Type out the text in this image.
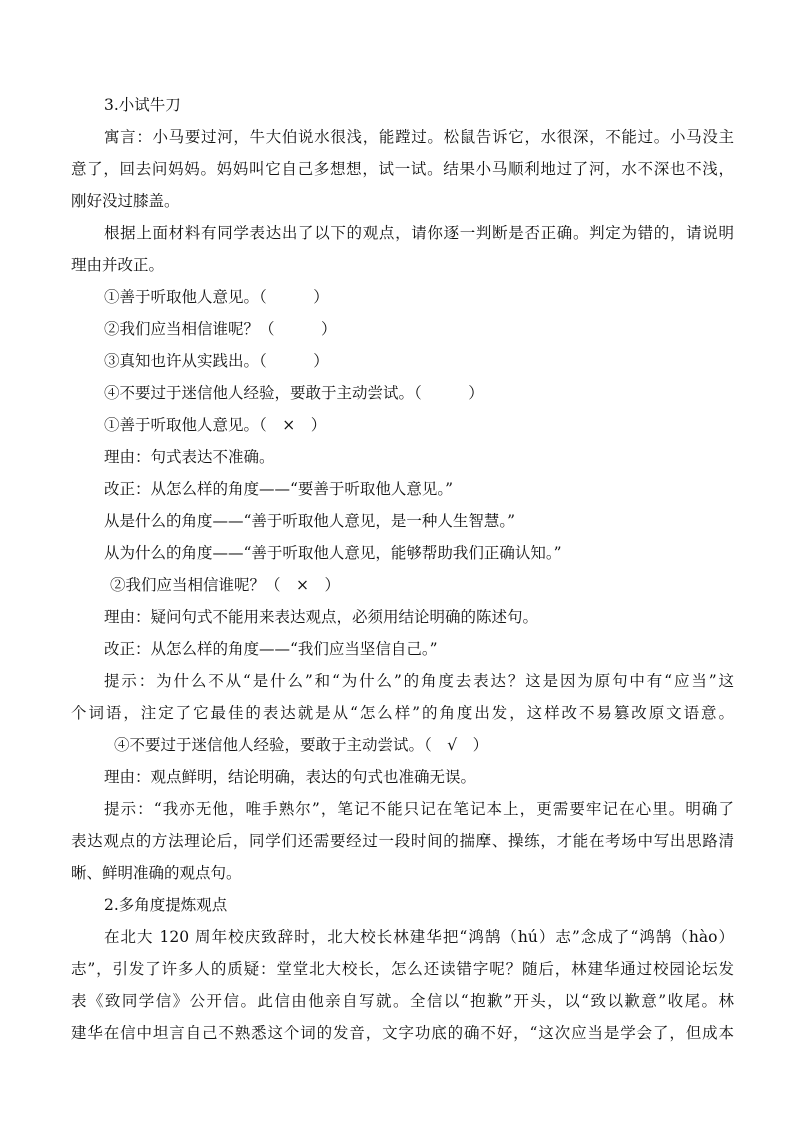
3.小试牛刀
寓言：小马要过河，牛大伯说水很浅，能蹚过。松鼠告诉它，水很深，不能过。小马没主
意了，回去问妈妈。妈妈叫它自己多想想，试一试。结果小马顺利地过了河，水不深也不浅，
刚好没过膝盖。
根据上面材料有同学表达出了以下的观点，请你逐一判断是否正确。判定为错的，请说明
理由并改正。
①善于听取他人意见。（　　　）
②我们应当相信谁呢？（　　　）
③真知也许从实践出。（　　　）
④不要过于迷信他人经验，要敢于主动尝试。（　　　）
①善于听取他人意见。（　×　）
理由：句式表达不准确。
改正：从怎么样的角度——“要善于听取他人意见。”
从是什么的角度——“善于听取他人意见，是一种人生智慧。”
从为什么的角度——“善于听取他人意见，能够帮助我们正确认知。”
②我们应当相信谁呢？（　×　）
理由：疑问句式不能用来表达观点，必须用结论明确的陈述句。
改正：从怎么样的角度——“我们应当坚信自己。”
提示：为什么不从“是什么”和“为什么”的角度去表达？这是因为原句中有“应当”这
个词语，注定了它最佳的表达就是从“怎么样”的角度出发，这样改不易篡改原文语意。
④不要过于迷信他人经验，要敢于主动尝试。（　√　）
理由：观点鲜明，结论明确，表达的句式也准确无误。
提示：“我亦无他，唯手熟尔”，笔记不能只记在笔记本上，更需要牢记在心里。明确了
表达观点的方法理论后，同学们还需要经过一段时间的揣摩、操练，才能在考场中写出思路清
晰、鲜明准确的观点句。
2.多角度提炼观点
在北大 120 周年校庆致辞时，北大校长林建华把“鸿鹄（hú）志”念成了“鸿鹄（hào）
志”，引发了许多人的质疑：堂堂北大校长，怎么还读错字呢？随后，林建华通过校园论坛发
表《致同学信》公开信。此信由他亲自写就。全信以“抱歉”开头，以“致以歉意”收尾。林
建华在信中坦言自己不熟悉这个词的发音，文字功底的确不好，“这次应当是学会了，但成本
